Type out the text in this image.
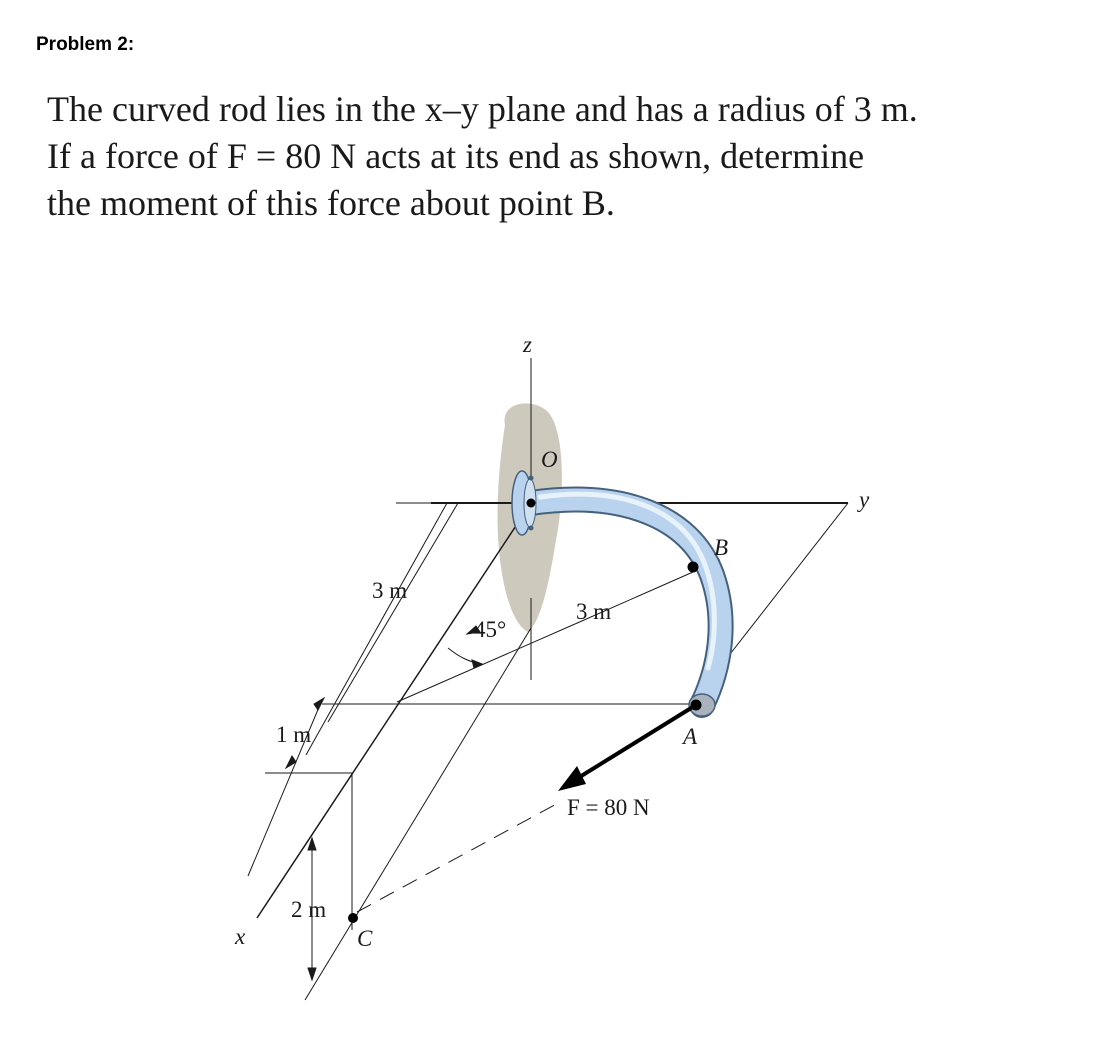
Problem 2:
The curved rod lies in the x–y plane and has a radius of 3 m.
If a force of F = 80 N acts at its end as shown, determine
the moment of this force about point B.
z
y
x
O
B
A
C
3 m
3 m
1 m
2 m
45°
F = 80 N
